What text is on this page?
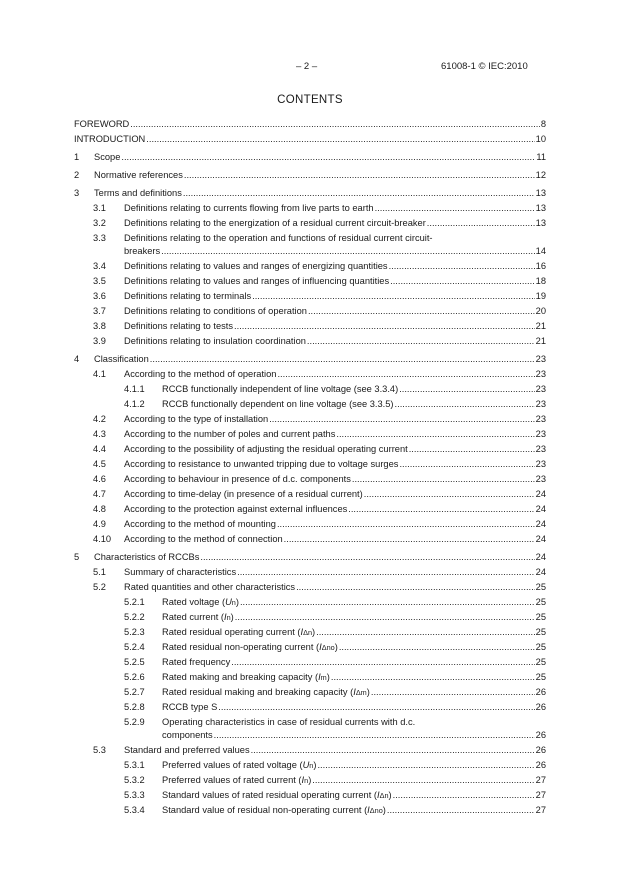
– 2 –	61008-1 © IEC:2010
CONTENTS
FOREWORD .....	8
INTRODUCTION .....	10
1 Scope .....	11
2 Normative references .....	12
3 Terms and definitions .....	13
3.1 Definitions relating to currents flowing from live parts to earth .....	13
3.2 Definitions relating to the energization of a residual current circuit-breaker .....	13
3.3 Definitions relating to the operation and functions of residual current circuit-
breakers .....	14
3.4 Definitions relating to values and ranges of energizing quantities .....	16
3.5 Definitions relating to values and ranges of influencing quantities .....	18
3.6 Definitions relating to terminals .....	19
3.7 Definitions relating to conditions of operation .....	20
3.8 Definitions relating to tests .....	21
3.9 Definitions relating to insulation coordination .....	21
4 Classification .....	23
4.1 According to the method of operation .....	23
4.1.1 RCCB functionally independent of line voltage (see 3.3.4) .....	23
4.1.2 RCCB functionally dependent on line voltage (see 3.3.5) .....	23
4.2 According to the type of installation .....	23
4.3 According to the number of poles and current paths .....	23
4.4 According to the possibility of adjusting the residual operating current .....	23
4.5 According to resistance to unwanted tripping due to voltage surges .....	23
4.6 According to behaviour in presence of d.c. components .....	23
4.7 According to time-delay (in presence of a residual current) .....	24
4.8 According to the protection against external influences .....	24
4.9 According to the method of mounting .....	24
4.10 According to the method of connection .....	24
5 Characteristics of RCCBs .....	24
5.1 Summary of characteristics .....	24
5.2 Rated quantities and other characteristics .....	25
5.2.1 Rated voltage (Un) .....	25
5.2.2 Rated current (In) .....	25
5.2.3 Rated residual operating current (IΔn) .....	25
5.2.4 Rated residual non-operating current (IΔno) .....	25
5.2.5 Rated frequency .....	25
5.2.6 Rated making and breaking capacity (Im) .....	25
5.2.7 Rated residual making and breaking capacity (IΔm) .....	26
5.2.8 RCCB type S .....	26
5.2.9 Operating characteristics in case of residual currents with d.c.
components .....	26
5.3 Standard and preferred values .....	26
5.3.1 Preferred values of rated voltage (Un) .....	26
5.3.2 Preferred values of rated current (In) .....	27
5.3.3 Standard values of rated residual operating current (IΔn) .....	27
5.3.4 Standard value of residual non-operating current (IΔno) .....	27
